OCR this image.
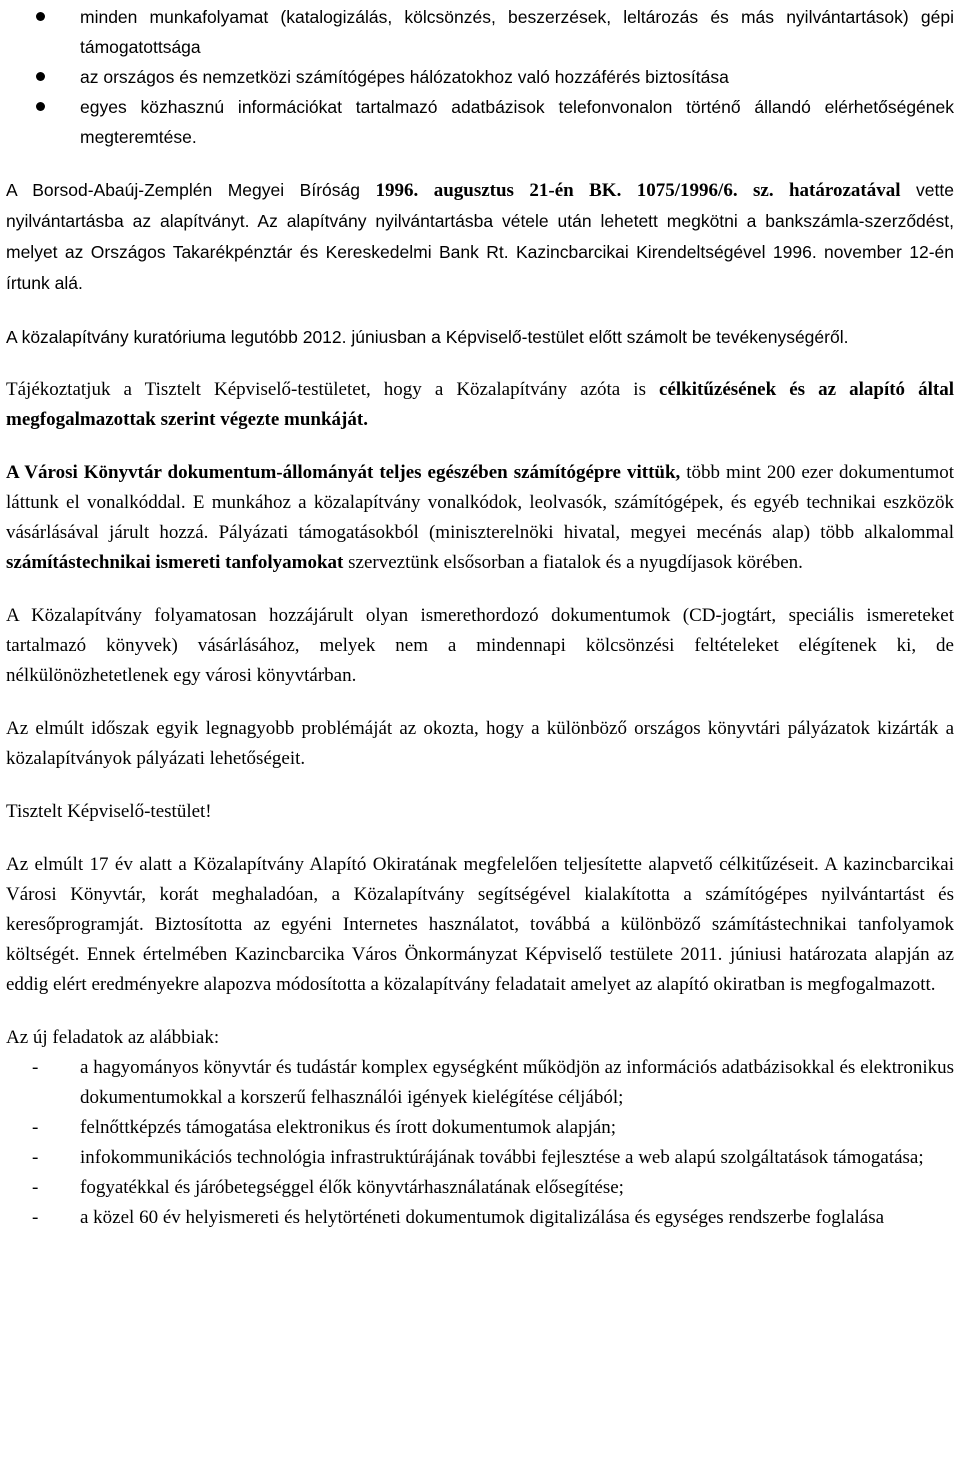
minden munkafolyamat (katalogizálás, kölcsönzés, beszerzések, leltározás és más nyilvántartások) gépi támogatottsága
az országos és nemzetközi számítógépes hálózatokhoz való hozzáférés biztosítása
egyes közhasznú információkat tartalmazó adatbázisok telefonvonalon történő állandó elérhetőségének megteremtése.

A Borsod-Abaúj-Zemplén Megyei Bíróság 1996. augusztus 21-én BK. 1075/1996/6. sz. határozatával vette nyilvántartásba az alapítványt. Az alapítvány nyilvántartásba vétele után lehetett megkötni a bankszámla-szerződést, melyet az Országos Takarékpénztár és Kereskedelmi Bank Rt. Kazincbarcikai Kirendeltségével 1996. november 12-én írtunk alá.

A közalapítvány kuratóriuma legutóbb 2012. júniusban a Képviselő-testület előtt számolt be tevékenységéről.

Tájékoztatjuk a Tisztelt Képviselő-testületet, hogy a Közalapítvány azóta is célkitűzésének és az alapító által megfogalmazottak szerint végezte munkáját.

A Városi Könyvtár dokumentum-állományát teljes egészében számítógépre vittük, több mint 200 ezer dokumentumot láttunk el vonalkóddal. E munkához a közalapítvány vonalkódok, leolvasók, számítógépek, és egyéb technikai eszközök vásárlásával járult hozzá. Pályázati támogatásokból (miniszterelnöki hivatal, megyei mecénás alap) több alkalommal számítástechnikai ismereti tanfolyamokat szerveztünk elsősorban a fiatalok és a nyugdíjasok körében.

A Közalapítvány folyamatosan hozzájárult olyan ismerethordozó dokumentumok (CD-jogtárt, speciális ismereteket tartalmazó könyvek) vásárlásához, melyek nem a mindennapi kölcsönzési feltételeket elégítenek ki, de nélkülönözhetetlenek egy városi könyvtárban.

Az elmúlt időszak egyik legnagyobb problémáját az okozta, hogy a különböző országos könyvtári pályázatok kizárták a közalapítványok pályázati lehetőségeit.

Tisztelt Képviselő-testület!

Az elmúlt 17 év alatt a Közalapítvány Alapító Okiratának megfelelően teljesítette alapvető célkitűzéseit. A kazincbarcikai Városi Könyvtár, korát meghaladóan, a Közalapítvány segítségével kialakította a számítógépes nyilvántartást és keresőprogramját. Biztosította az egyéni Internetes használatot, továbbá a különböző számítástechnikai tanfolyamok költségét. Ennek értelmében Kazincbarcika Város Önkormányzat Képviselő testülete 2011. júniusi határozata alapján az eddig elért eredményekre alapozva módosította a közalapítvány feladatait amelyet az alapító okiratban is megfogalmazott.

Az új feladatok az alábbiak:

- a hagyományos könyvtár és tudástár komplex egységként működjön az információs adatbázisokkal és elektronikus dokumentumokkal a korszerű felhasználói igények kielégítése céljából;
- felnőttképzés támogatása elektronikus és írott dokumentumok alapján;
- infokommunikációs technológia infrastruktúrájának további fejlesztése a web alapú szolgáltatások támogatása;
- fogyatékkal és járóbetegséggel élők könyvtárhasználatának elősegítése;
- a közel 60 év helyismereti és helytörténeti dokumentumok digitalizálása és egységes rendszerbe foglalása
